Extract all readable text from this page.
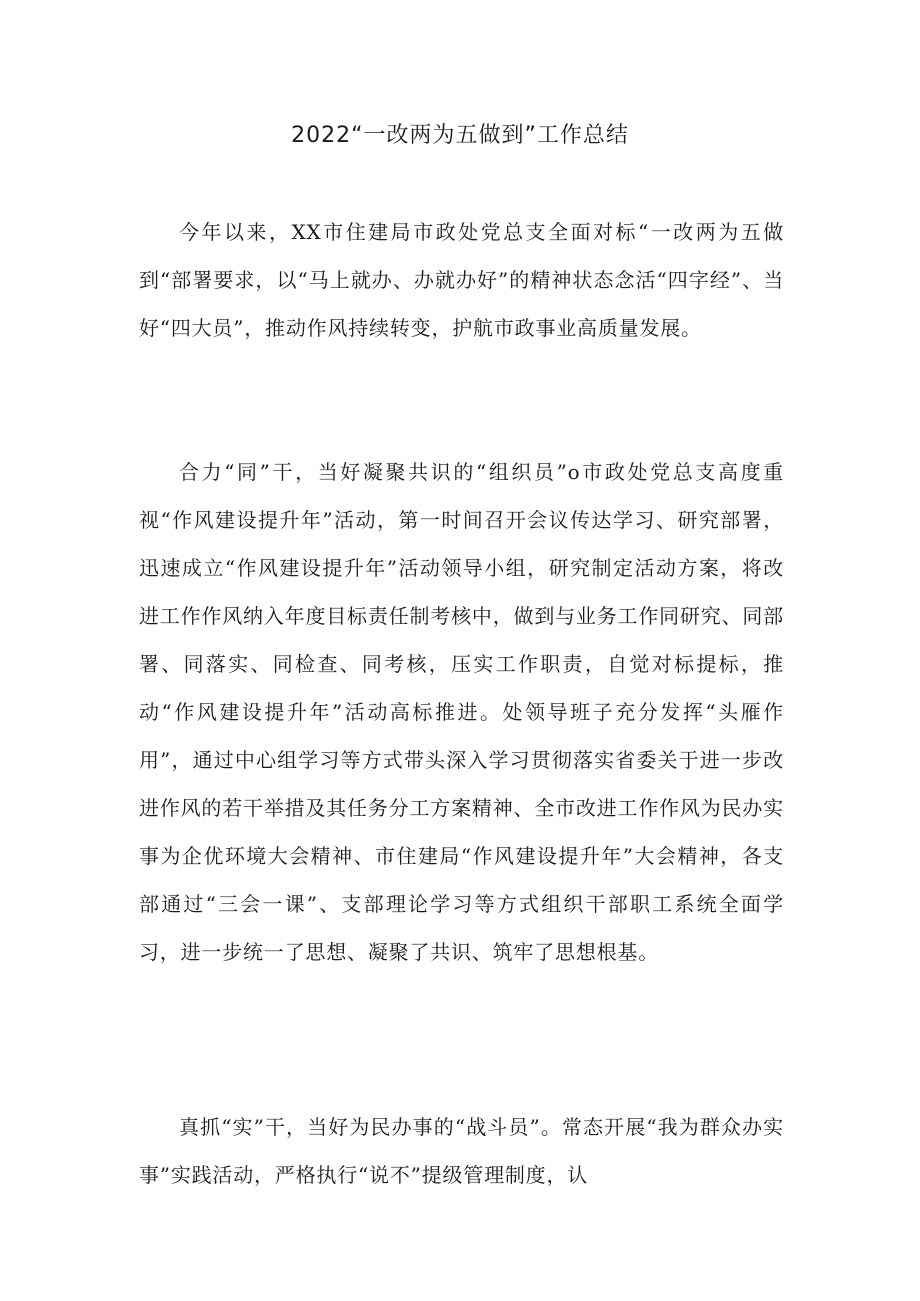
2022“一改两为五做到”工作总结

今年以来，XX市住建局市政处党总支全面对标“一改两为五做到“部署要求，以“马上就办、办就办好”的精神状态念活“四字经”、当好“四大员”，推动作风持续转变，护航市政事业高质量发展。

合力“同”干，当好凝聚共识的“组织员”o市政处党总支高度重视“作风建设提升年”活动，第一时间召开会议传达学习、研究部署，迅速成立“作风建设提升年”活动领导小组，研究制定活动方案，将改进工作作风纳入年度目标责任制考核中，做到与业务工作同研究、同部署、同落实、同检查、同考核，压实工作职责，自觉对标提标，推动“作风建设提升年”活动高标推进。处领导班子充分发挥“头雁作用”，通过中心组学习等方式带头深入学习贯彻落实省委关于进一步改进作风的若干举措及其任务分工方案精神、全市改进工作作风为民办实事为企优环境大会精神、市住建局“作风建设提升年”大会精神，各支部通过“三会一课”、支部理论学习等方式组织干部职工系统全面学习，进一步统一了思想、凝聚了共识、筑牢了思想根基。

真抓“实”干，当好为民办事的“战斗员”。常态开展“我为群众办实事”实践活动，严格执行“说不”提级管理制度，认
